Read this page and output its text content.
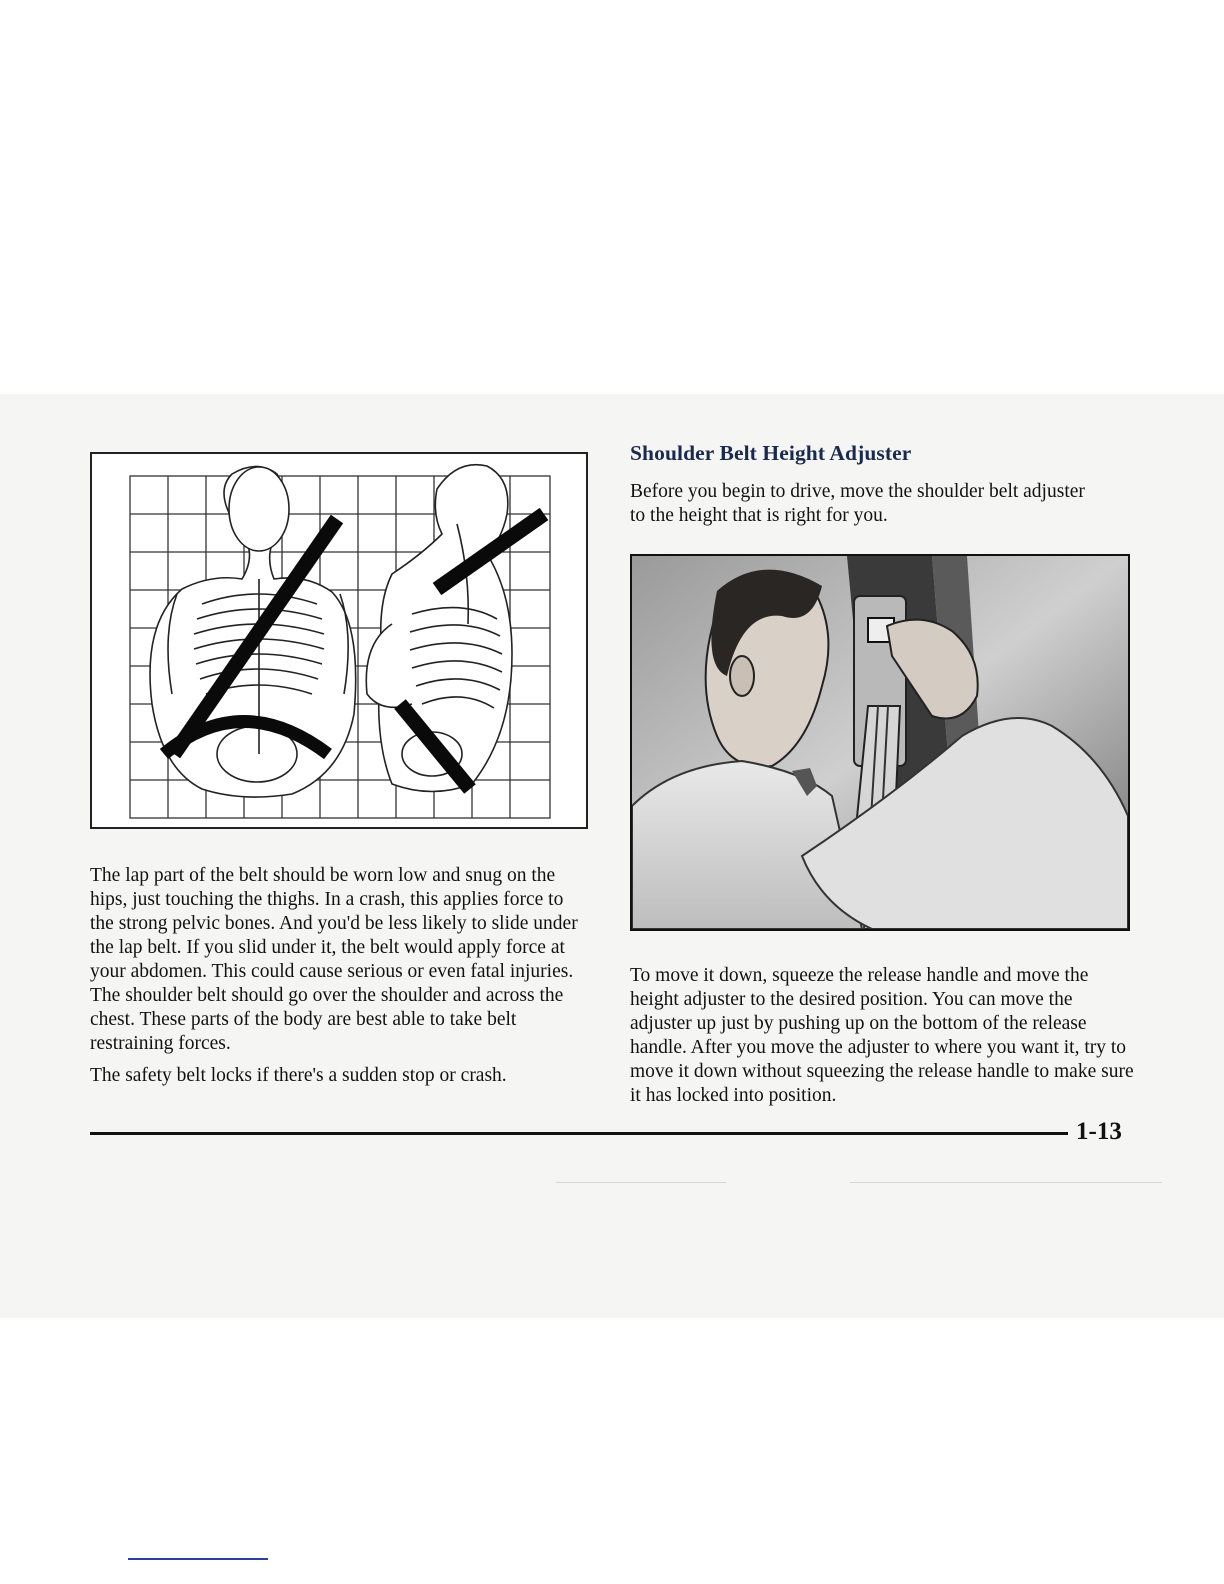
Shoulder Belt Height Adjuster

Before you begin to drive, move the shoulder belt adjuster to the height that is right for you.

The lap part of the belt should be worn low and snug on the hips, just touching the thighs. In a crash, this applies force to the strong pelvic bones. And you'd be less likely to slide under the lap belt. If you slid under it, the belt would apply force at your abdomen. This could cause serious or even fatal injuries. The shoulder belt should go over the shoulder and across the chest. These parts of the body are best able to take belt restraining forces.

The safety belt locks if there's a sudden stop or crash.

To move it down, squeeze the release handle and move the height adjuster to the desired position. You can move the adjuster up just by pushing up on the bottom of the release handle. After you move the adjuster to where you want it, try to move it down without squeezing the release handle to make sure it has locked into position.

1-13
